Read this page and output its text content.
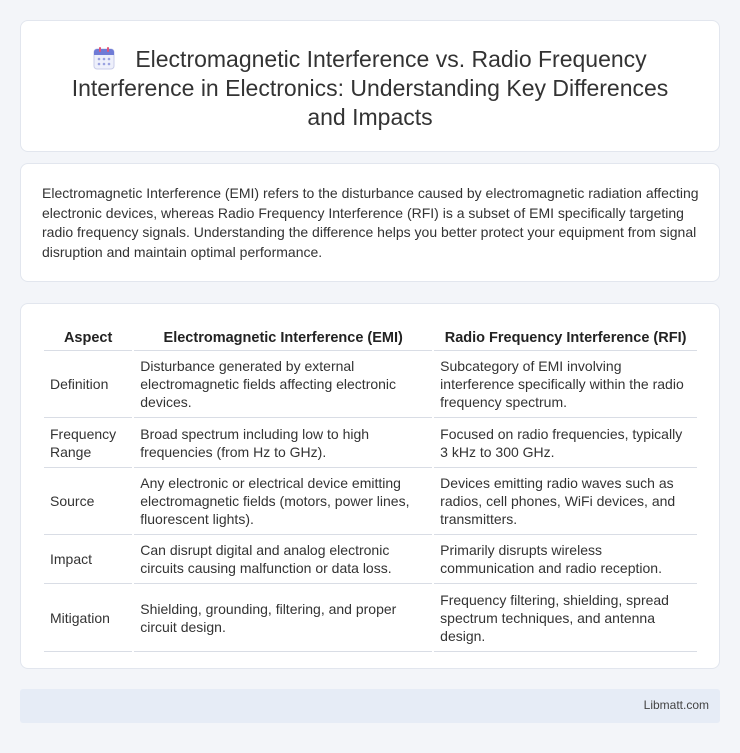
Electromagnetic Interference vs. Radio Frequency Interference in Electronics: Understanding Key Differences and Impacts

Electromagnetic Interference (EMI) refers to the disturbance caused by electromagnetic radiation affecting electronic devices, whereas Radio Frequency Interference (RFI) is a subset of EMI specifically targeting radio frequency signals. Understanding the difference helps you better protect your equipment from signal disruption and maintain optimal performance.

Aspect	Electromagnetic Interference (EMI)	Radio Frequency Interference (RFI)
Definition	Disturbance generated by external electromagnetic fields affecting electronic devices.	Subcategory of EMI involving interference specifically within the radio frequency spectrum.
Frequency Range	Broad spectrum including low to high frequencies (from Hz to GHz).	Focused on radio frequencies, typically 3 kHz to 300 GHz.
Source	Any electronic or electrical device emitting electromagnetic fields (motors, power lines, fluorescent lights).	Devices emitting radio waves such as radios, cell phones, WiFi devices, and transmitters.
Impact	Can disrupt digital and analog electronic circuits causing malfunction or data loss.	Primarily disrupts wireless communication and radio reception.
Mitigation	Shielding, grounding, filtering, and proper circuit design.	Frequency filtering, shielding, spread spectrum techniques, and antenna design.
Libmatt.com
